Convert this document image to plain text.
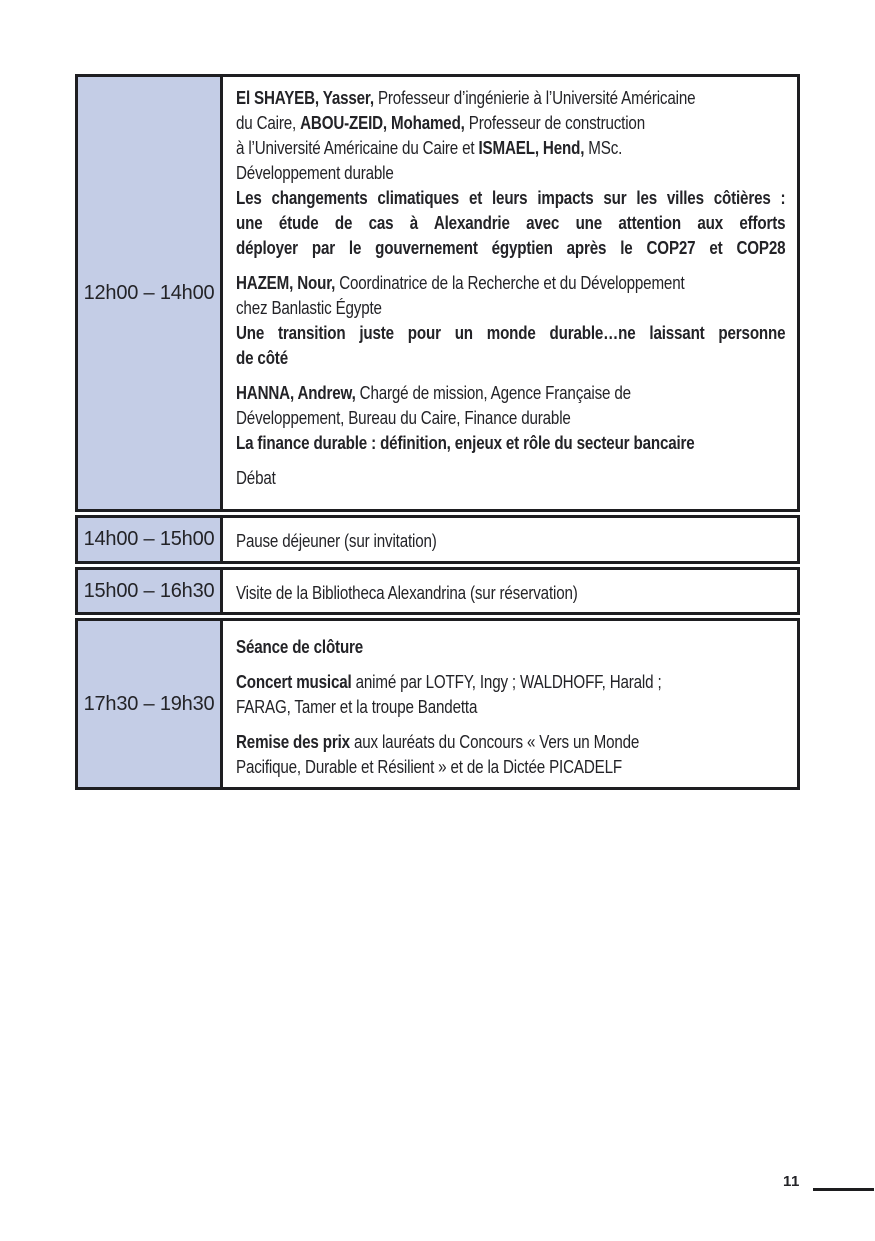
12h00 – 14h00
El SHAYEB, Yasser, Professeur d’ingénierie à l’Université Américaine
du Caire, ABOU-ZEID, Mohamed, Professeur de construction
à l’Université Américaine du Caire et ISMAEL, Hend, MSc.
Développement durable
Les changements climatiques et leurs impacts sur les villes côtières :
une étude de cas à Alexandrie avec une attention aux efforts
déployer par le gouvernement égyptien après le COP27 et COP28
HAZEM, Nour, Coordinatrice de la Recherche et du Développement
chez Banlastic Égypte
Une transition juste pour un monde durable…ne laissant personne
de côté
HANNA, Andrew, Chargé de mission, Agence Française de
Développement, Bureau du Caire, Finance durable
La finance durable : définition, enjeux et rôle du secteur bancaire
Débat
14h00 – 15h00 Pause déjeuner (sur invitation)
15h00 – 16h30 Visite de la Bibliotheca Alexandrina (sur réservation)
17h30 – 19h30
Séance de clôture
Concert musical animé par LOTFY, Ingy ; WALDHOFF, Harald ;
FARAG, Tamer et la troupe Bandetta
Remise des prix aux lauréats du Concours « Vers un Monde
Pacifique, Durable et Résilient » et de la Dictée PICADELF
11
